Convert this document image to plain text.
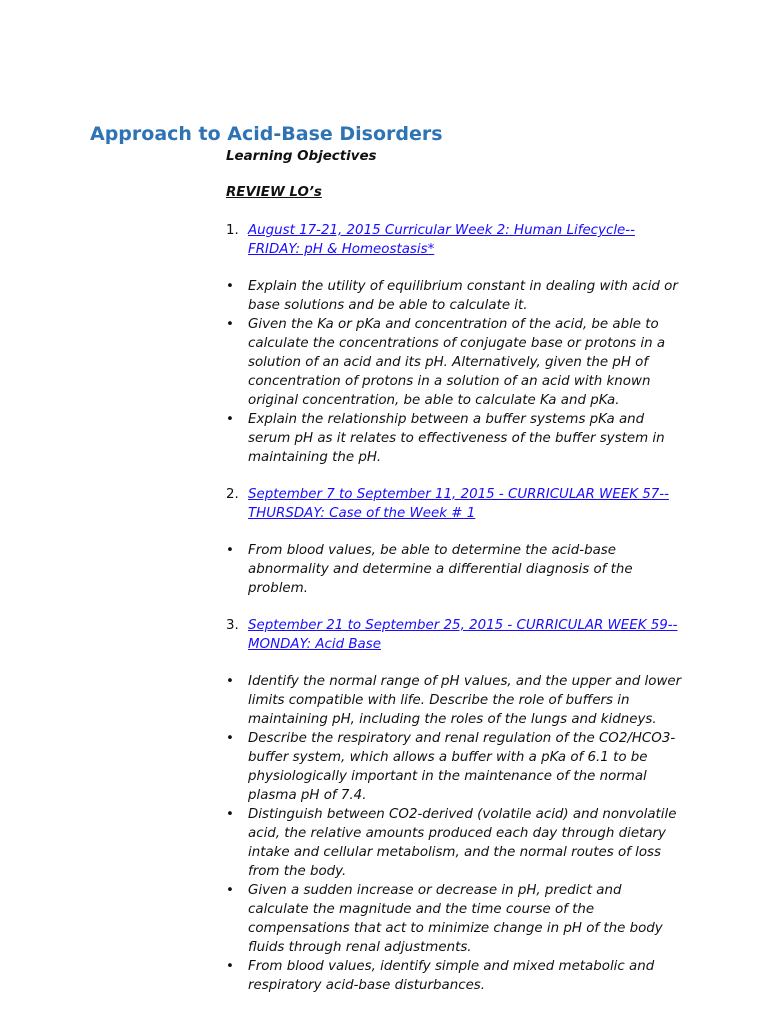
Approach to Acid-Base Disorders

Learning Objectives

REVIEW LO’s

1. August 17-21, 2015 Curricular Week 2: Human Lifecycle--FRIDAY: pH & Homeostasis*
• Explain the utility of equilibrium constant in dealing with acid or base solutions and be able to calculate it.
• Given the Ka or pKa and concentration of the acid, be able to calculate the concentrations of conjugate base or protons in a solution of an acid and its pH. Alternatively, given the pH of concentration of protons in a solution of an acid with known original concentration, be able to calculate Ka and pKa.
• Explain the relationship between a buffer systems pKa and serum pH as it relates to effectiveness of the buffer system in maintaining the pH.
2. September 7 to September 11, 2015 - CURRICULAR WEEK 57--THURSDAY: Case of the Week # 1
• From blood values, be able to determine the acid-base abnormality and determine a differential diagnosis of the problem.
3. September 21 to September 25, 2015 - CURRICULAR WEEK 59--MONDAY: Acid Base
• Identify the normal range of pH values, and the upper and lower limits compatible with life. Describe the role of buffers in maintaining pH, including the roles of the lungs and kidneys.
• Describe the respiratory and renal regulation of the CO2/HCO3- buffer system, which allows a buffer with a pKa of 6.1 to be physiologically important in the maintenance of the normal plasma pH of 7.4.
• Distinguish between CO2-derived (volatile acid) and nonvolatile acid, the relative amounts produced each day through dietary intake and cellular metabolism, and the normal routes of loss from the body.
• Given a sudden increase or decrease in pH, predict and calculate the magnitude and the time course of the compensations that act to minimize change in pH of the body fluids through renal adjustments.
• From blood values, identify simple and mixed metabolic and respiratory acid-base disturbances.
